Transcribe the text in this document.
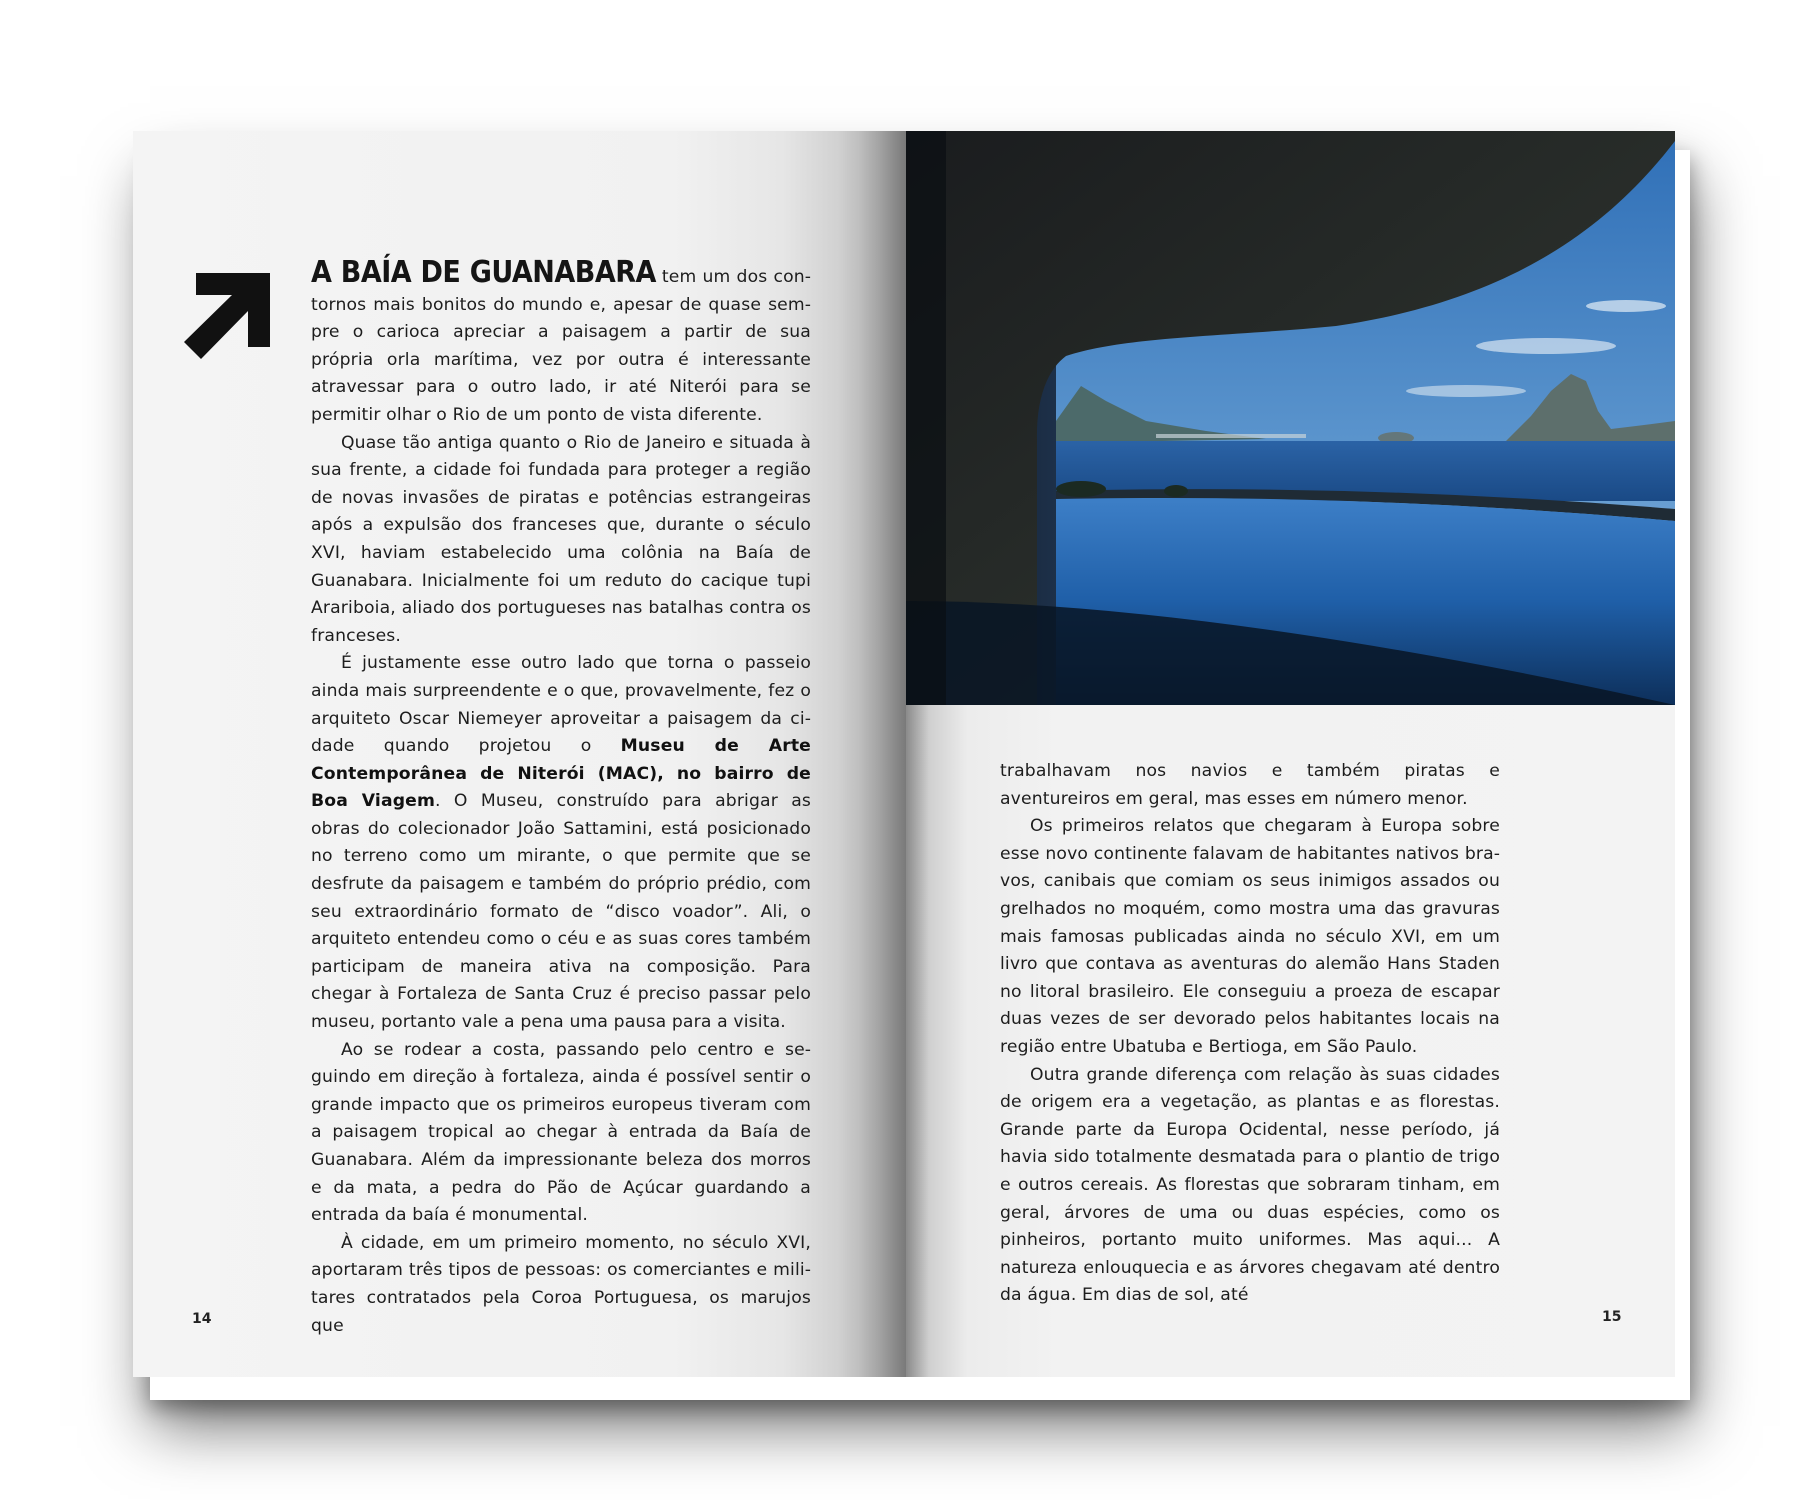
A BAÍA DE GUANABARA tem um dos contornos mais bonitos do mundo e, apesar de quase sempre o carioca apreciar a paisagem a partir de sua própria orla marítima, vez por outra é interessante atravessar para o outro lado, ir até Niterói para se permitir olhar o Rio de um ponto de vista diferente.

Quase tão antiga quanto o Rio de Janeiro e situada à sua frente, a cidade foi fundada para proteger a região de novas invasões de piratas e potências estrangeiras após a expulsão dos franceses que, durante o século XVI, haviam estabelecido uma colônia na Baía de Guanabara. Inicialmente foi um reduto do cacique tupi Arariboia, aliado dos portugueses nas batalhas contra os franceses.

É justamente esse outro lado que torna o passeio ainda mais surpreendente e o que, provavelmente, fez o arquiteto Oscar Niemeyer aproveitar a paisagem da cidade quando projetou o Museu de Arte Contemporânea de Niterói (MAC), no bairro de Boa Viagem. O Museu, construído para abrigar as obras do colecionador João Sattamini, está posicionado no terreno como um mirante, o que permite que se desfrute da paisagem e também do próprio prédio, com seu extraordinário formato de “disco voador”. Ali, o arquiteto entendeu como o céu e as suas cores também participam de maneira ativa na composição. Para chegar à Fortaleza de Santa Cruz é preciso passar pelo museu, portanto vale a pena uma pausa para a visita.

Ao se rodear a costa, passando pelo centro e seguindo em direção à fortaleza, ainda é possível sentir o grande impacto que os primeiros europeus tiveram com a paisagem tropical ao chegar à entrada da Baía de Guanabara. Além da impressionante beleza dos morros e da mata, a pedra do Pão de Açúcar guardando a entrada da baía é monumental.

À cidade, em um primeiro momento, no século XVI, aportaram três tipos de pessoas: os comerciantes e militares contratados pela Coroa Portuguesa, os marujos que

14

trabalhavam nos navios e também piratas e aventureiros em geral, mas esses em número menor.

Os primeiros relatos que chegaram à Europa sobre esse novo continente falavam de habitantes nativos bravos, canibais que comiam os seus inimigos assados ou grelhados no moquém, como mostra uma das gravuras mais famosas publicadas ainda no século XVI, em um livro que contava as aventuras do alemão Hans Staden no litoral brasileiro. Ele conseguiu a proeza de escapar duas vezes de ser devorado pelos habitantes locais na região entre Ubatuba e Bertioga, em São Paulo.

Outra grande diferença com relação às suas cidades de origem era a vegetação, as plantas e as florestas. Grande parte da Europa Ocidental, nesse período, já havia sido totalmente desmatada para o plantio de trigo e outros cereais. As florestas que sobraram tinham, em geral, árvores de uma ou duas espécies, como os pinheiros, portanto muito uniformes. Mas aqui... A natureza enlouquecia e as árvores chegavam até dentro da água. Em dias de sol, até

15
